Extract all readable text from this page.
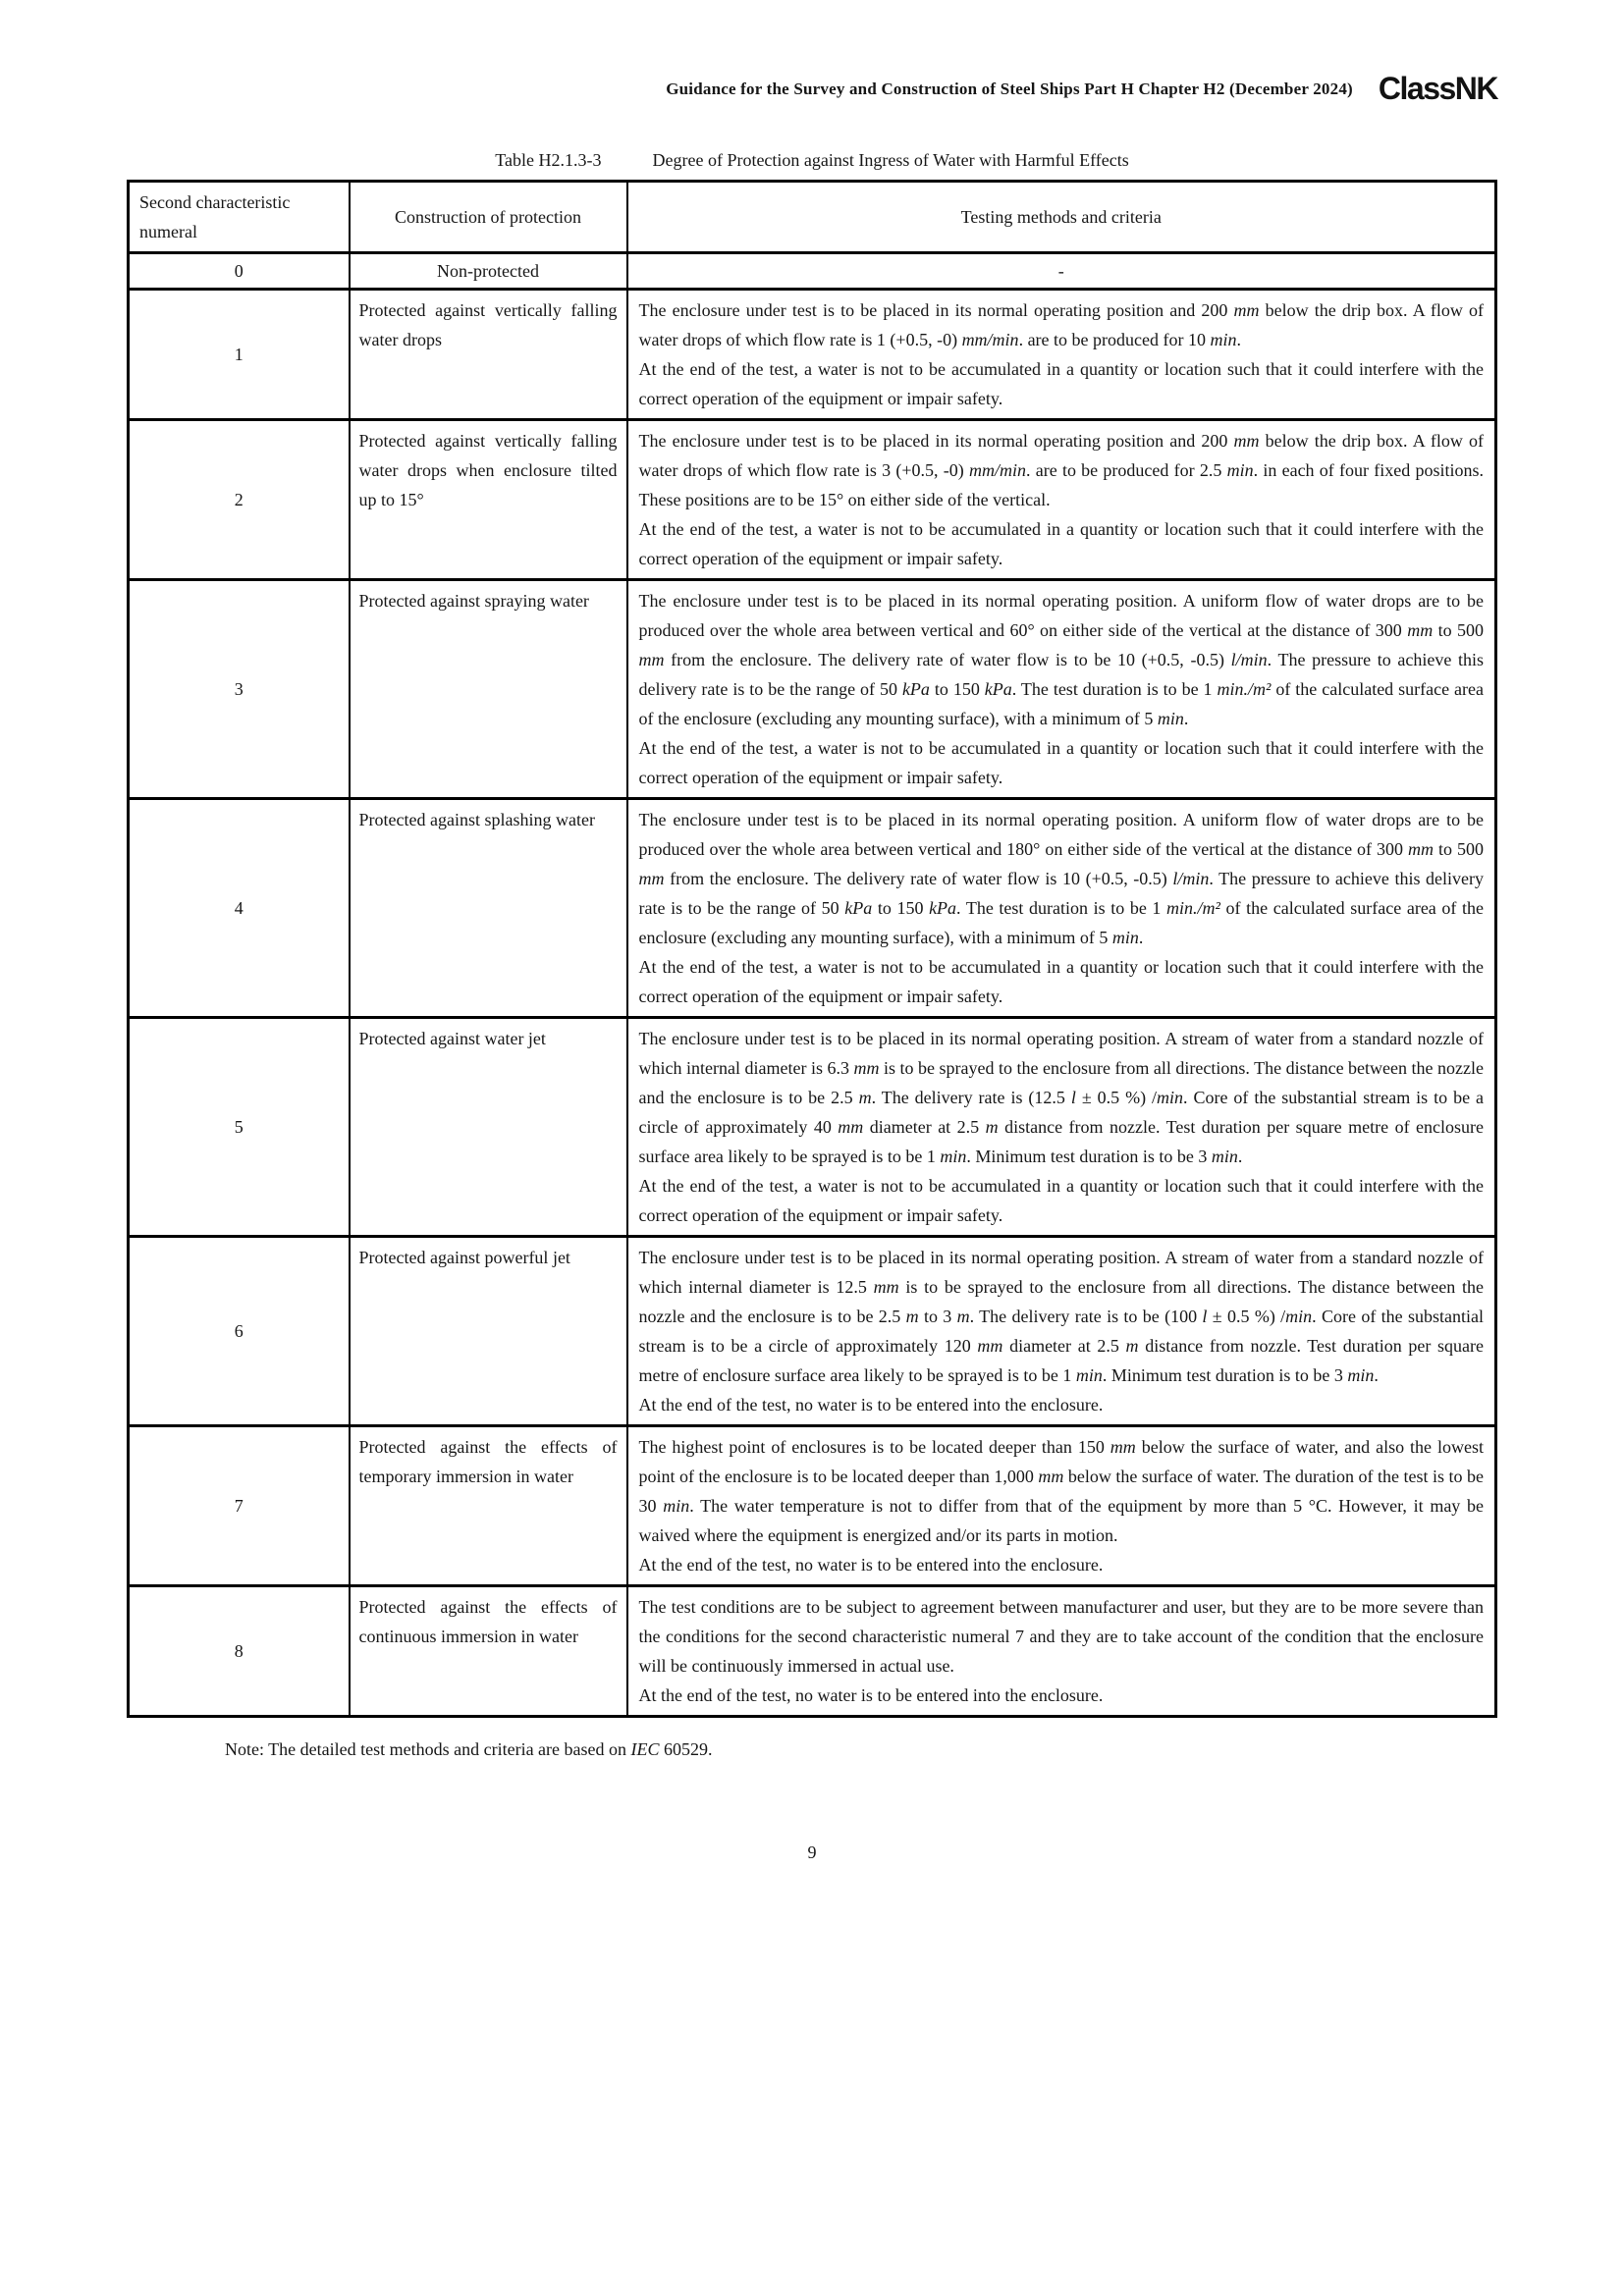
Guidance for the Survey and Construction of Steel Ships Part H Chapter H2 (December 2024) ClassNK
Table H2.1.3-3	Degree of Protection against Ingress of Water with Harmful Effects
Second characteristic numeral	Construction of protection	Testing methods and criteria
0	Non-protected	-

1	Protected against vertically falling water drops	The enclosure under test is to be placed in its normal operating position and 200 mm below the drip box. A flow of water drops of which flow rate is 1 (+0.5, -0) mm/min. are to be produced for 10 min.
At the end of the test, a water is not to be accumulated in a quantity or location such that it could interfere with the correct operation of the equipment or impair safety.

2	Protected against vertically falling water drops when enclosure tilted up to 15°	The enclosure under test is to be placed in its normal operating position and 200 mm below the drip box. A flow of water drops of which flow rate is 3 (+0.5, -0) mm/min. are to be produced for 2.5 min. in each of four fixed positions. These positions are to be 15° on either side of the vertical.
At the end of the test, a water is not to be accumulated in a quantity or location such that it could interfere with the correct operation of the equipment or impair safety.

3	Protected against spraying water	The enclosure under test is to be placed in its normal operating position. A uniform flow of water drops are to be produced over the whole area between vertical and 60° on either side of the vertical at the distance of 300 mm to 500 mm from the enclosure. The delivery rate of water flow is to be 10 (+0.5, -0.5) l/min. The pressure to achieve this delivery rate is to be the range of 50 kPa to 150 kPa. The test duration is to be 1 min./m² of the calculated surface area of the enclosure (excluding any mounting surface), with a minimum of 5 min.
At the end of the test, a water is not to be accumulated in a quantity or location such that it could interfere with the correct operation of the equipment or impair safety.

4	Protected against splashing water	The enclosure under test is to be placed in its normal operating position. A uniform flow of water drops are to be produced over the whole area between vertical and 180° on either side of the vertical at the distance of 300 mm to 500 mm from the enclosure. The delivery rate of water flow is 10 (+0.5, -0.5) l/min. The pressure to achieve this delivery rate is to be the range of 50 kPa to 150 kPa. The test duration is to be 1 min./m² of the calculated surface area of the enclosure (excluding any mounting surface), with a minimum of 5 min.
At the end of the test, a water is not to be accumulated in a quantity or location such that it could interfere with the correct operation of the equipment or impair safety.

5	Protected against water jet	The enclosure under test is to be placed in its normal operating position. A stream of water from a standard nozzle of which internal diameter is 6.3 mm is to be sprayed to the enclosure from all directions. The distance between the nozzle and the enclosure is to be 2.5 m. The delivery rate is (12.5 l ± 0.5 %) /min. Core of the substantial stream is to be a circle of approximately 40 mm diameter at 2.5 m distance from nozzle. Test duration per square metre of enclosure surface area likely to be sprayed is to be 1 min. Minimum test duration is to be 3 min.
At the end of the test, a water is not to be accumulated in a quantity or location such that it could interfere with the correct operation of the equipment or impair safety.

6	Protected against powerful jet	The enclosure under test is to be placed in its normal operating position. A stream of water from a standard nozzle of which internal diameter is 12.5 mm is to be sprayed to the enclosure from all directions. The distance between the nozzle and the enclosure is to be 2.5 m to 3 m. The delivery rate is to be (100 l ± 0.5 %) /min. Core of the substantial stream is to be a circle of approximately 120 mm diameter at 2.5 m distance from nozzle. Test duration per square metre of enclosure surface area likely to be sprayed is to be 1 min. Minimum test duration is to be 3 min.
At the end of the test, no water is to be entered into the enclosure.

7	Protected against the effects of temporary immersion in water	The highest point of enclosures is to be located deeper than 150 mm below the surface of water, and also the lowest point of the enclosure is to be located deeper than 1,000 mm below the surface of water. The duration of the test is to be 30 min. The water temperature is not to differ from that of the equipment by more than 5 °C. However, it may be waived where the equipment is energized and/or its parts in motion.
At the end of the test, no water is to be entered into the enclosure.

8	Protected against the effects of continuous immersion in water	The test conditions are to be subject to agreement between manufacturer and user, but they are to be more severe than the conditions for the second characteristic numeral 7 and they are to take account of the condition that the enclosure will be continuously immersed in actual use.
At the end of the test, no water is to be entered into the enclosure.
Note: The detailed test methods and criteria are based on IEC 60529.
9
